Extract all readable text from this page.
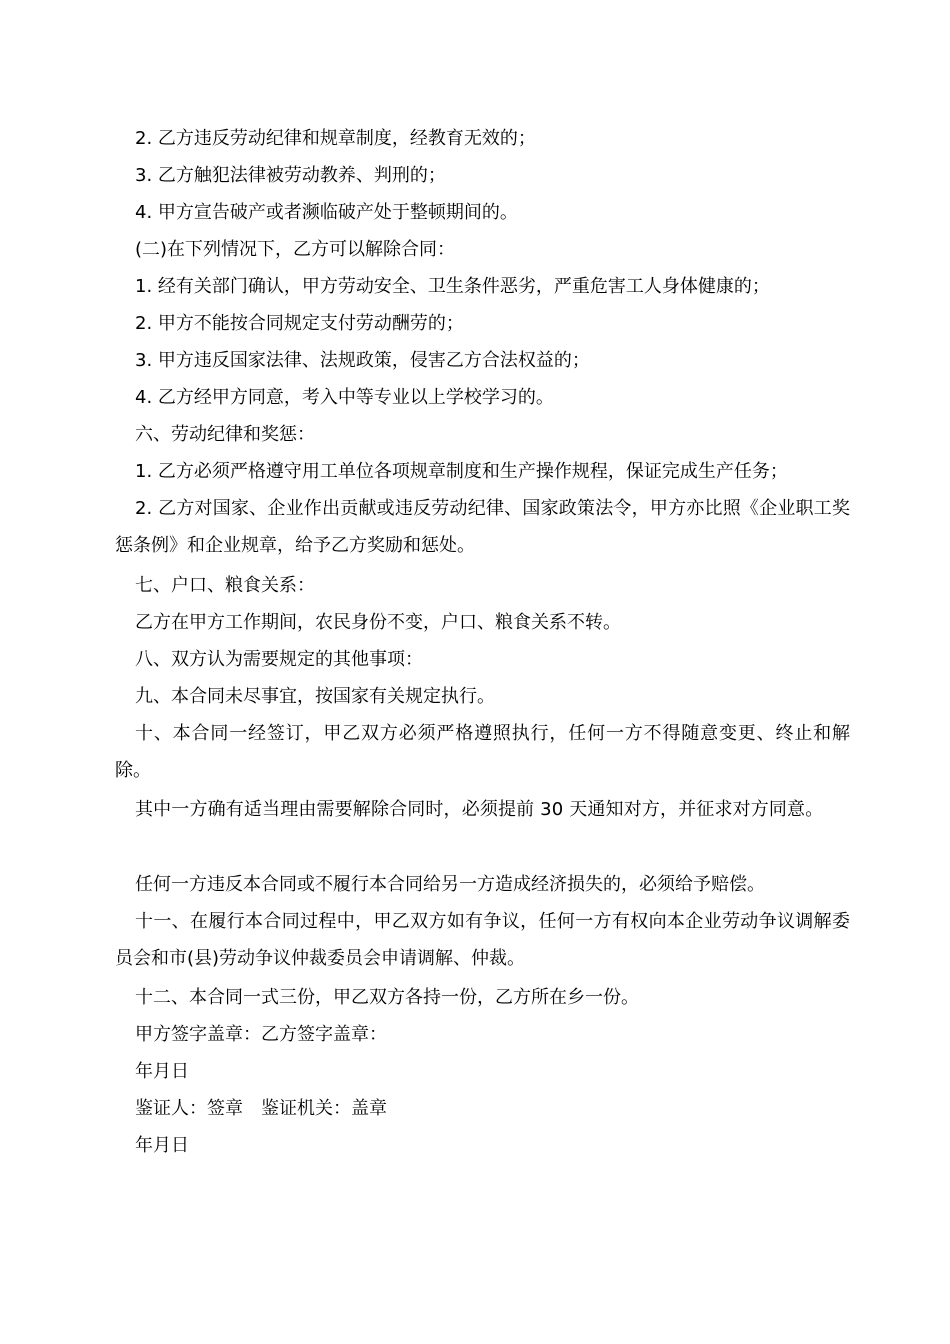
2. 乙方违反劳动纪律和规章制度，经教育无效的；

3. 乙方触犯法律被劳动教养、判刑的；

4. 甲方宣告破产或者濒临破产处于整顿期间的。

(二)在下列情况下，乙方可以解除合同：

1. 经有关部门确认，甲方劳动安全、卫生条件恶劣，严重危害工人身体健康的；

2. 甲方不能按合同规定支付劳动酬劳的；

3. 甲方违反国家法律、法规政策，侵害乙方合法权益的；

4. 乙方经甲方同意，考入中等专业以上学校学习的。

六、劳动纪律和奖惩：

1. 乙方必须严格遵守用工单位各项规章制度和生产操作规程，保证完成生产任务；

2. 乙方对国家、企业作出贡献或违反劳动纪律、国家政策法令，甲方亦比照《企业职工奖惩条例》和企业规章，给予乙方奖励和惩处。

七、户口、粮食关系：

乙方在甲方工作期间，农民身份不变，户口、粮食关系不转。

八、双方认为需要规定的其他事项：

九、本合同未尽事宜，按国家有关规定执行。

十、本合同一经签订，甲乙双方必须严格遵照执行，任何一方不得随意变更、终止和解除。

其中一方确有适当理由需要解除合同时，必须提前 30 天通知对方，并征求对方同意。

任何一方违反本合同或不履行本合同给另一方造成经济损失的，必须给予赔偿。

十一、在履行本合同过程中，甲乙双方如有争议，任何一方有权向本企业劳动争议调解委员会和市(县)劳动争议仲裁委员会申请调解、仲裁。

十二、本合同一式三份，甲乙双方各持一份，乙方所在乡一份。

甲方签字盖章：乙方签字盖章：

年月日

鉴证人：签章　鉴证机关：盖章

年月日
